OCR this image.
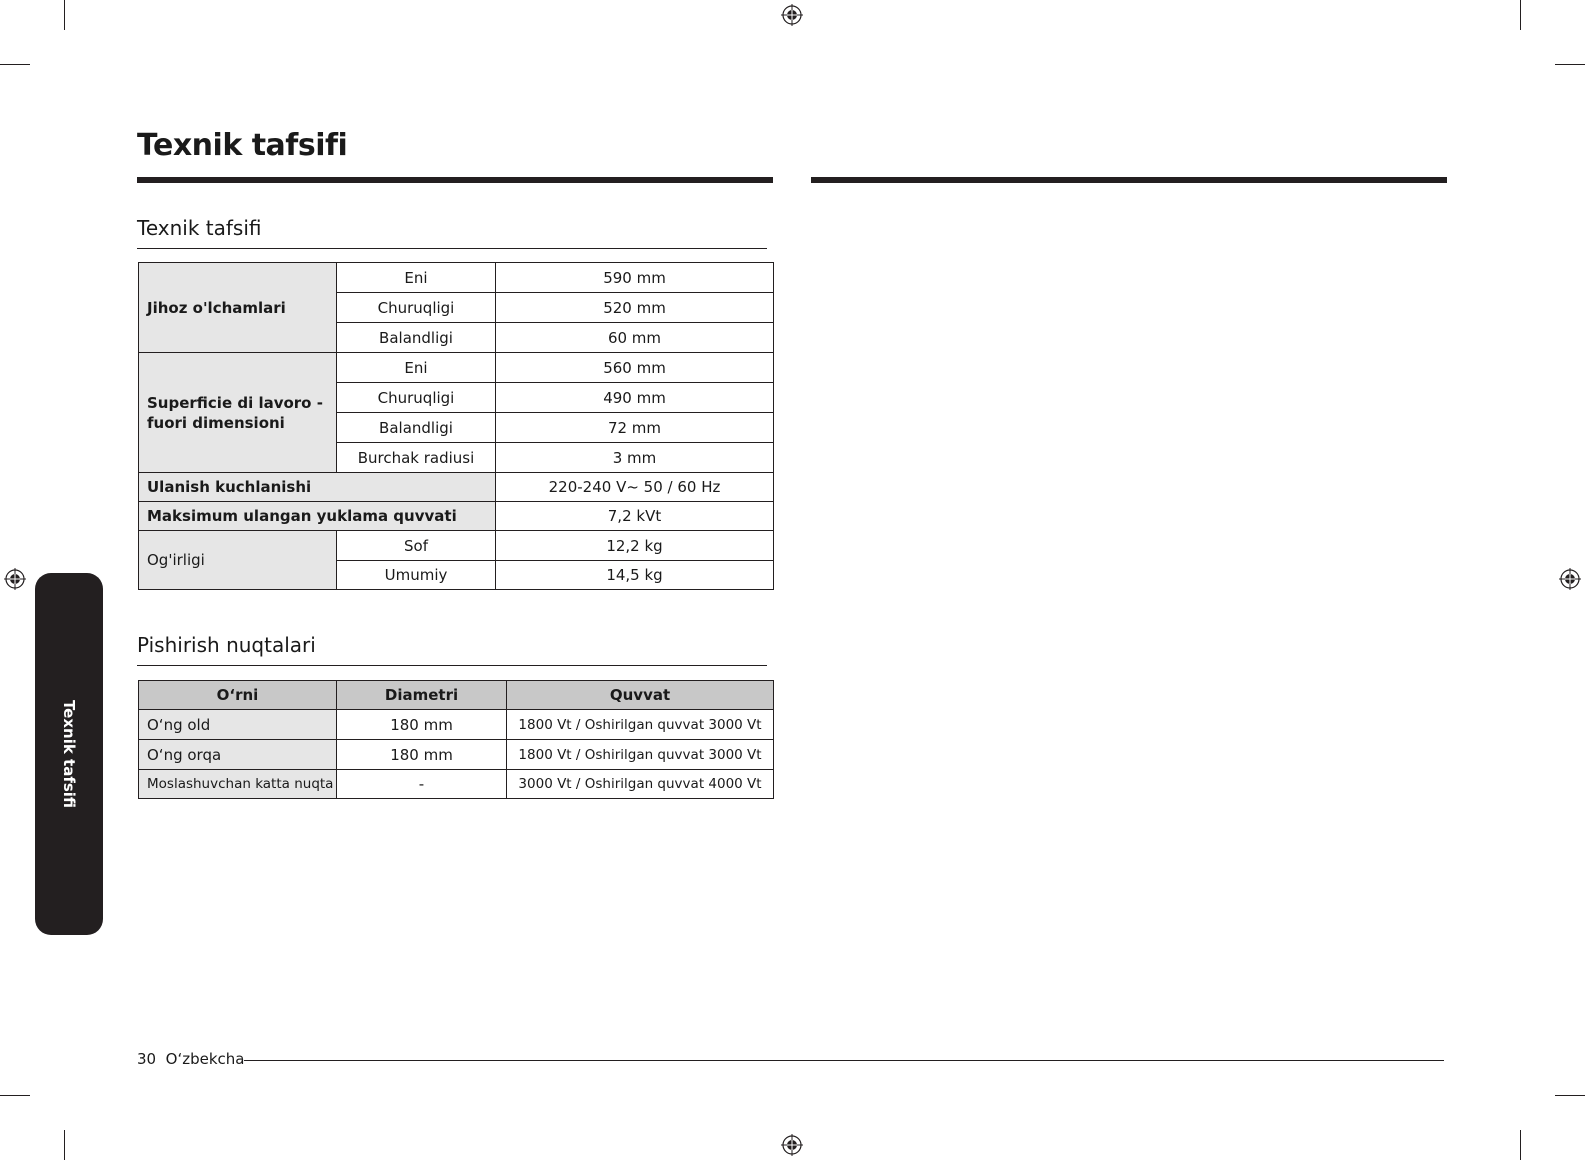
Texnik tafsifi
Texnik tafsifi
Jihoz o'lchamlari	Eni	590 mm
	Churuqligi	520 mm
	Balandligi	60 mm
Superficie di lavoro - fuori dimensioni	Eni	560 mm
	Churuqligi	490 mm
	Balandligi	72 mm
	Burchak radiusi	3 mm
Ulanish kuchlanishi		220-240 V~ 50 / 60 Hz
Maksimum ulangan yuklama quvvati		7,2 kVt
Og'irligi	Sof	12,2 kg
	Umumiy	14,5 kg
Pishirish nuqtalari
O‘rni	Diametri	Quvvat
O‘ng old	180 mm	1800 Vt / Oshirilgan quvvat 3000 Vt
O‘ng orqa	180 mm	1800 Vt / Oshirilgan quvvat 3000 Vt
Moslashuvchan katta nuqta	-	3000 Vt / Oshirilgan quvvat 4000 Vt
Texnik tafsifi
30 O‘zbekcha
